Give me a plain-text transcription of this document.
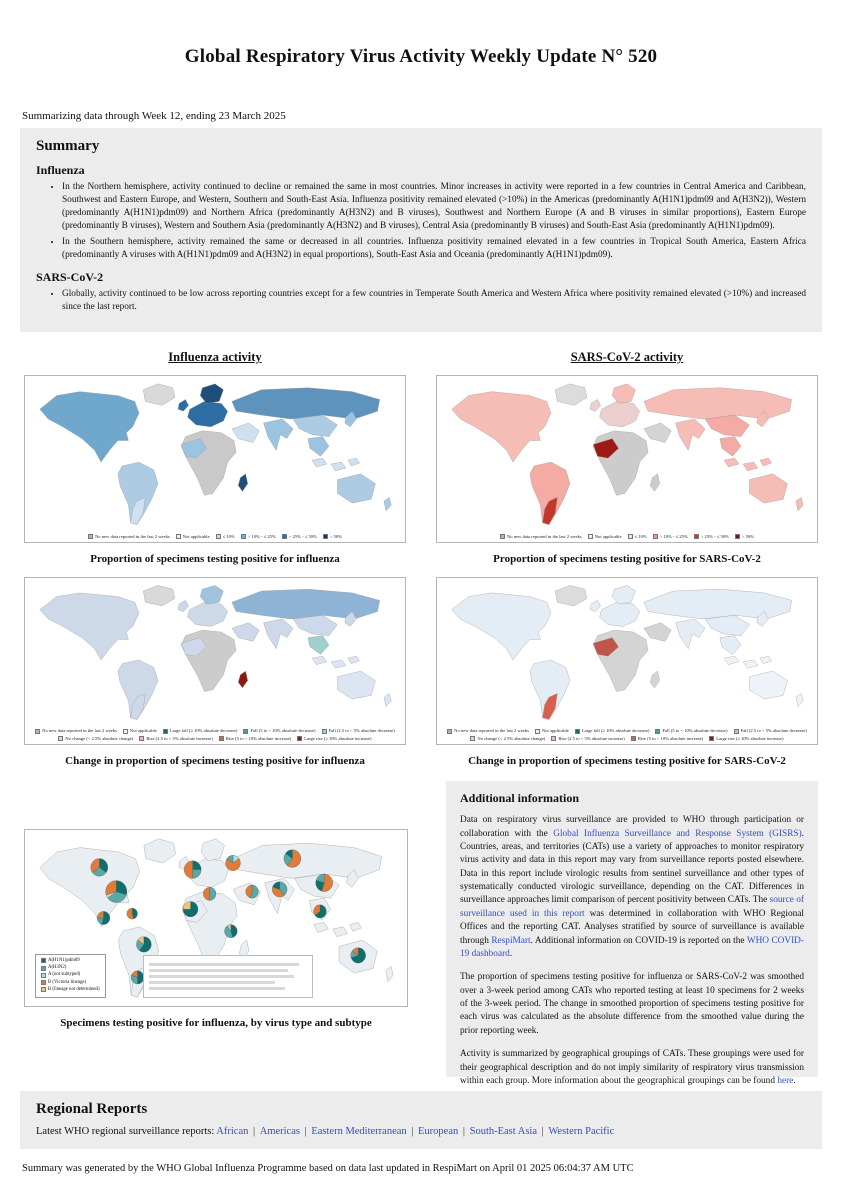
Global Respiratory Virus Activity Weekly Update N° 520
Summarizing data through Week 12, ending 23 March 2025
Summary
Influenza
• In the Northern hemisphere, activity continued to decline or remained the same in most countries. Minor increases in activity were reported in a few countries in Central America and Caribbean, Southwest and Eastern Europe, and Western, Southern and South-East Asia. Influenza positivity remained elevated (>10%) in the Americas (predominantly A(H1N1)pdm09 and A(H3N2)), Western (predominantly A(H1N1)pdm09) and Northern Africa (predominantly A(H3N2) and B viruses), Southwest and Northern Europe (A and B viruses in similar proportions), Eastern Europe (predominantly B viruses), Western and Southern Asia (predominantly A(H3N2) and B viruses), Central Asia (predominantly B viruses) and South-East Asia (predominantly A(H1N1)pdm09).
• In the Southern hemisphere, activity remained the same or decreased in all countries. Influenza positivity remained elevated in a few countries in Tropical South America, Eastern Africa (predominantly A viruses with A(H1N1)pdm09 and A(H3N2) in equal proportions), South-East Asia and Oceania (predominantly A(H1N1)pdm09).
SARS-CoV-2
• Globally, activity continued to be low across reporting countries except for a few countries in Temperate South America and Western Africa where positivity remained elevated (>10%) and increased since the last report.
Influenza activity
No new data reported in the last 2 weeks	Not applicable	≤ 10%	> 10% - ≤ 25%	> 25% - ≤ 50%	> 50%
Proportion of specimens testing positive for influenza
SARS-CoV-2 activity
No new data reported in the last 2 weeks	Not applicable	≤ 10%	> 10% - ≤ 25%	> 25% - ≤ 50%	> 50%
Proportion of specimens testing positive for SARS-CoV-2
No new data reported in the last 2 weeks	Not applicable	Large fall (≥ 10% absolute decrease)	Fall (5 to < 10% absolute decrease)	Fall (2.5 to < 5% absolute decrease)
No change (< 2.5% absolute change)	Rise (2.5 to < 5% absolute increase)	Rise (5 to < 10% absolute increase)	Large rise (≥ 10% absolute increase)
Change in proportion of specimens testing positive for influenza
No new data reported in the last 2 weeks	Not applicable	Large fall (≥ 10% absolute decrease)	Fall (5 to < 10% absolute decrease)	Fall (2.5 to < 5% absolute decrease)
No change (< 2.5% absolute change)	Rise (2.5 to < 5% absolute increase)	Rise (5 to < 10% absolute increase)	Large rise (≥ 10% absolute increase)
Change in proportion of specimens testing positive for SARS-CoV-2
A(H1N1)pdm09
A(H3N2)
A (not subtyped)
B (Victoria lineage)
B (lineage not determined)
Specimens testing positive for influenza, by virus type and subtype
Additional information

Data on respiratory virus surveillance are provided to WHO through participation or collaboration with the Global Influenza Surveillance and Response System (GISRS). Countries, areas, and territories (CATs) use a variety of approaches to monitor respiratory virus activity and data in this report may vary from surveillance reports posted elsewhere. Data in this report include virologic results from sentinel surveillance and other types of systematically conducted virologic surveillance, depending on the CAT. Differences in surveillance approaches limit comparison of percent positivity between CATs. The source of surveillance used in this report was determined in collaboration with WHO Regional Offices and the reporting CAT. Analyses stratified by source of surveillance is available through RespiMart. Additional information on COVID-19 is reported on the WHO COVID-19 dashboard.

The proportion of specimens testing positive for influenza or SARS-CoV-2 was smoothed over a 3-week period among CATs who reported testing at least 10 specimens for 2 weeks of the 3-week period. The change in smoothed proportion of specimens testing positive for each virus was calculated as the absolute difference from the smoothed value during the prior reporting week.

Activity is summarized by geographical groupings of CATs. These groupings were used for their geographical description and do not imply similarity of respiratory virus transmission within each group. More information about the geographical groupings can be found here.

Regional Reports
Latest WHO regional surveillance reports: African | Americas | Eastern Mediterranean | European | South-East Asia | Western Pacific
Summary was generated by the WHO Global Influenza Programme based on data last updated in RespiMart on April 01 2025 06:04:37 AM UTC
